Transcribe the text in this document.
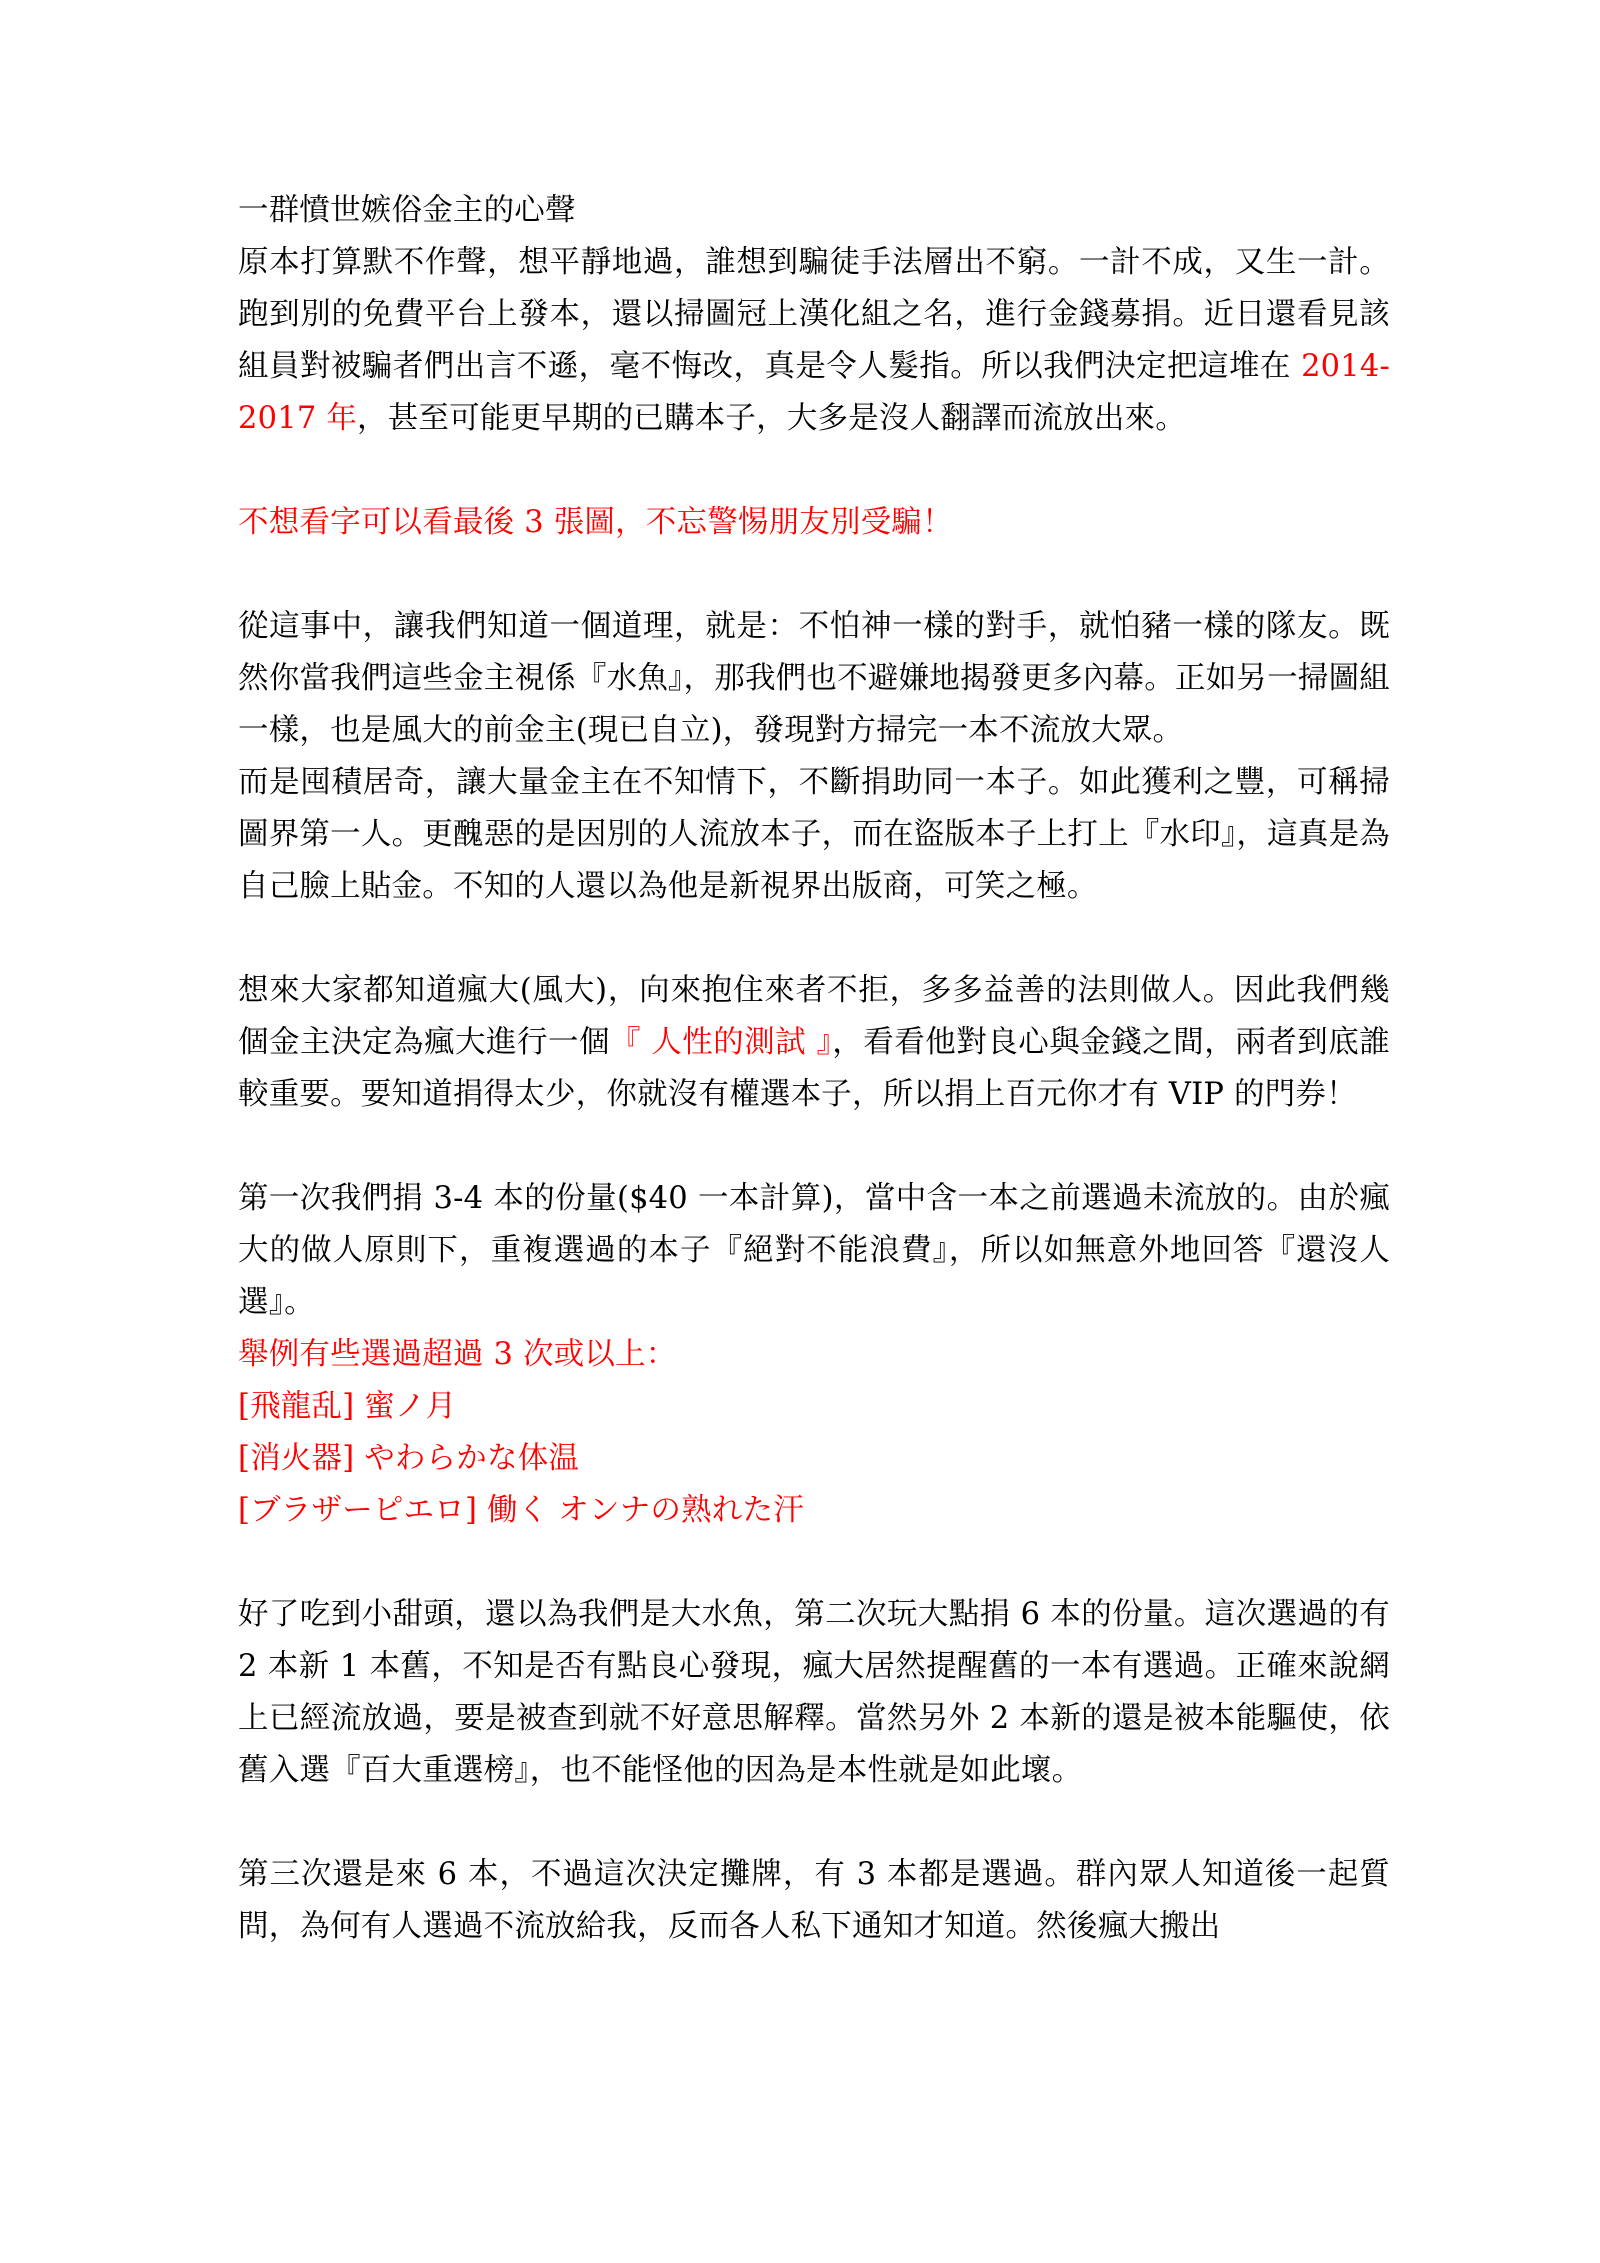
一群憤世嫉俗金主的心聲
原本打算默不作聲，想平靜地過，誰想到騙徒手法層出不窮。一計不成，又生一計。跑到別的免費平台上發本，還以掃圖冠上漢化組之名，進行金錢募捐。近日還看見該組員對被騙者們出言不遜，毫不悔改，真是令人髮指。所以我們決定把這堆在 2014-2017 年，甚至可能更早期的已購本子，大多是沒人翻譯而流放出來。
不想看字可以看最後 3 張圖，不忘警惕朋友別受騙！
從這事中，讓我們知道一個道理，就是：不怕神一樣的對手，就怕豬一樣的隊友。既然你當我們這些金主視係『水魚』，那我們也不避嫌地揭發更多內幕。正如另一掃圖組一樣，也是風大的前金主(現已自立)，發現對方掃完一本不流放大眾。
而是囤積居奇，讓大量金主在不知情下，不斷捐助同一本子。如此獲利之豐，可稱掃圖界第一人。更醜惡的是因別的人流放本子，而在盜版本子上打上『水印』，這真是為自己臉上貼金。不知的人還以為他是新視界出版商，可笑之極。
想來大家都知道瘋大(風大)，向來抱住來者不拒，多多益善的法則做人。因此我們幾個金主決定為瘋大進行一個『 人性的測試 』，看看他對良心與金錢之間，兩者到底誰較重要。要知道捐得太少，你就沒有權選本子，所以捐上百元你才有 VIP 的門券！
第一次我們捐 3-4 本的份量($40 一本計算)，當中含一本之前選過未流放的。由於瘋大的做人原則下，重複選過的本子『絕對不能浪費』，所以如無意外地回答『還沒人選』。
舉例有些選過超過 3 次或以上：
[飛龍乱] 蜜ノ月
[消火器] やわらかな体温
[ブラザーピエロ] 働く オンナの熟れた汗
好了吃到小甜頭，還以為我們是大水魚，第二次玩大點捐 6 本的份量。這次選過的有 2 本新 1 本舊，不知是否有點良心發現，瘋大居然提醒舊的一本有選過。正確來說網上已經流放過，要是被查到就不好意思解釋。當然另外 2 本新的還是被本能驅使，依舊入選『百大重選榜』，也不能怪他的因為是本性就是如此壞。
第三次還是來 6 本，不過這次決定攤牌，有 3 本都是選過。群內眾人知道後一起質問，為何有人選過不流放給我，反而各人私下通知才知道。然後瘋大搬出
